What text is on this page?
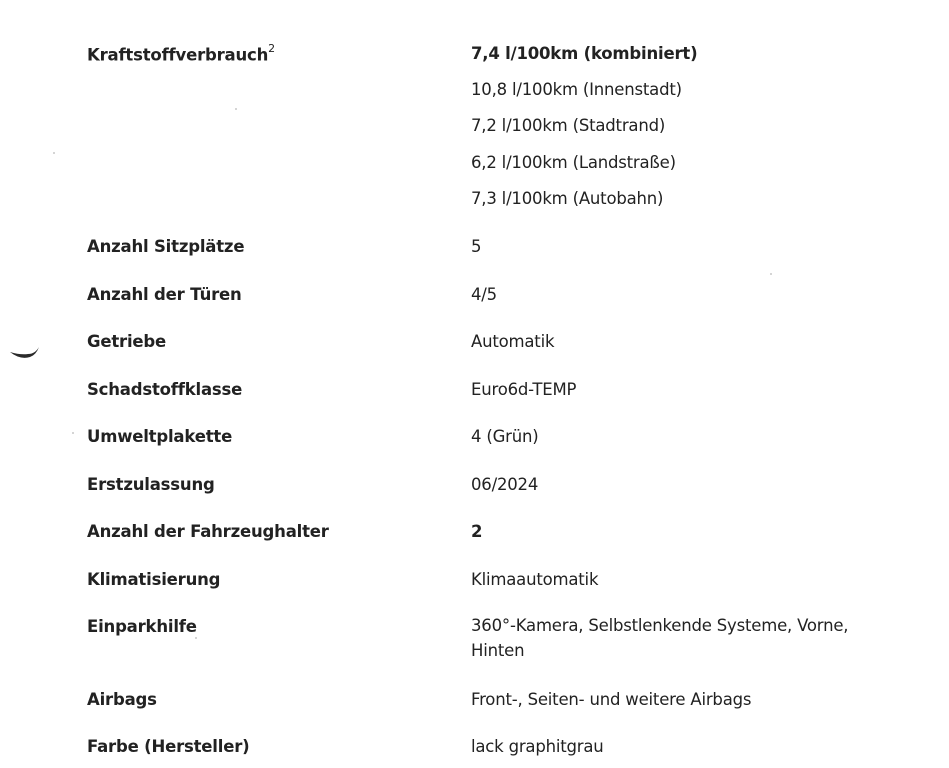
Kraftstoffverbrauch$^2$	7,4 l/100km (kombiniert)
10,8 l/100km (Innenstadt)
7,2 l/100km (Stadtrand)
6,2 l/100km (Landstraße)
7,3 l/100km (Autobahn)
Anzahl Sitzplätze	5
Anzahl der Türen	4/5
Getriebe	Automatik
Schadstoffklasse	Euro6d-TEMP
Umweltplakette	4 (Grün)
Erstzulassung	06/2024
Anzahl der Fahrzeughalter	2
Klimatisierung	Klimaautomatik
Einparkhilfe	360°-Kamera, Selbstlenkende Systeme, Vorne, Hinten
Airbags	Front-, Seiten- und weitere Airbags
Farbe (Hersteller)	lack graphitgrau
